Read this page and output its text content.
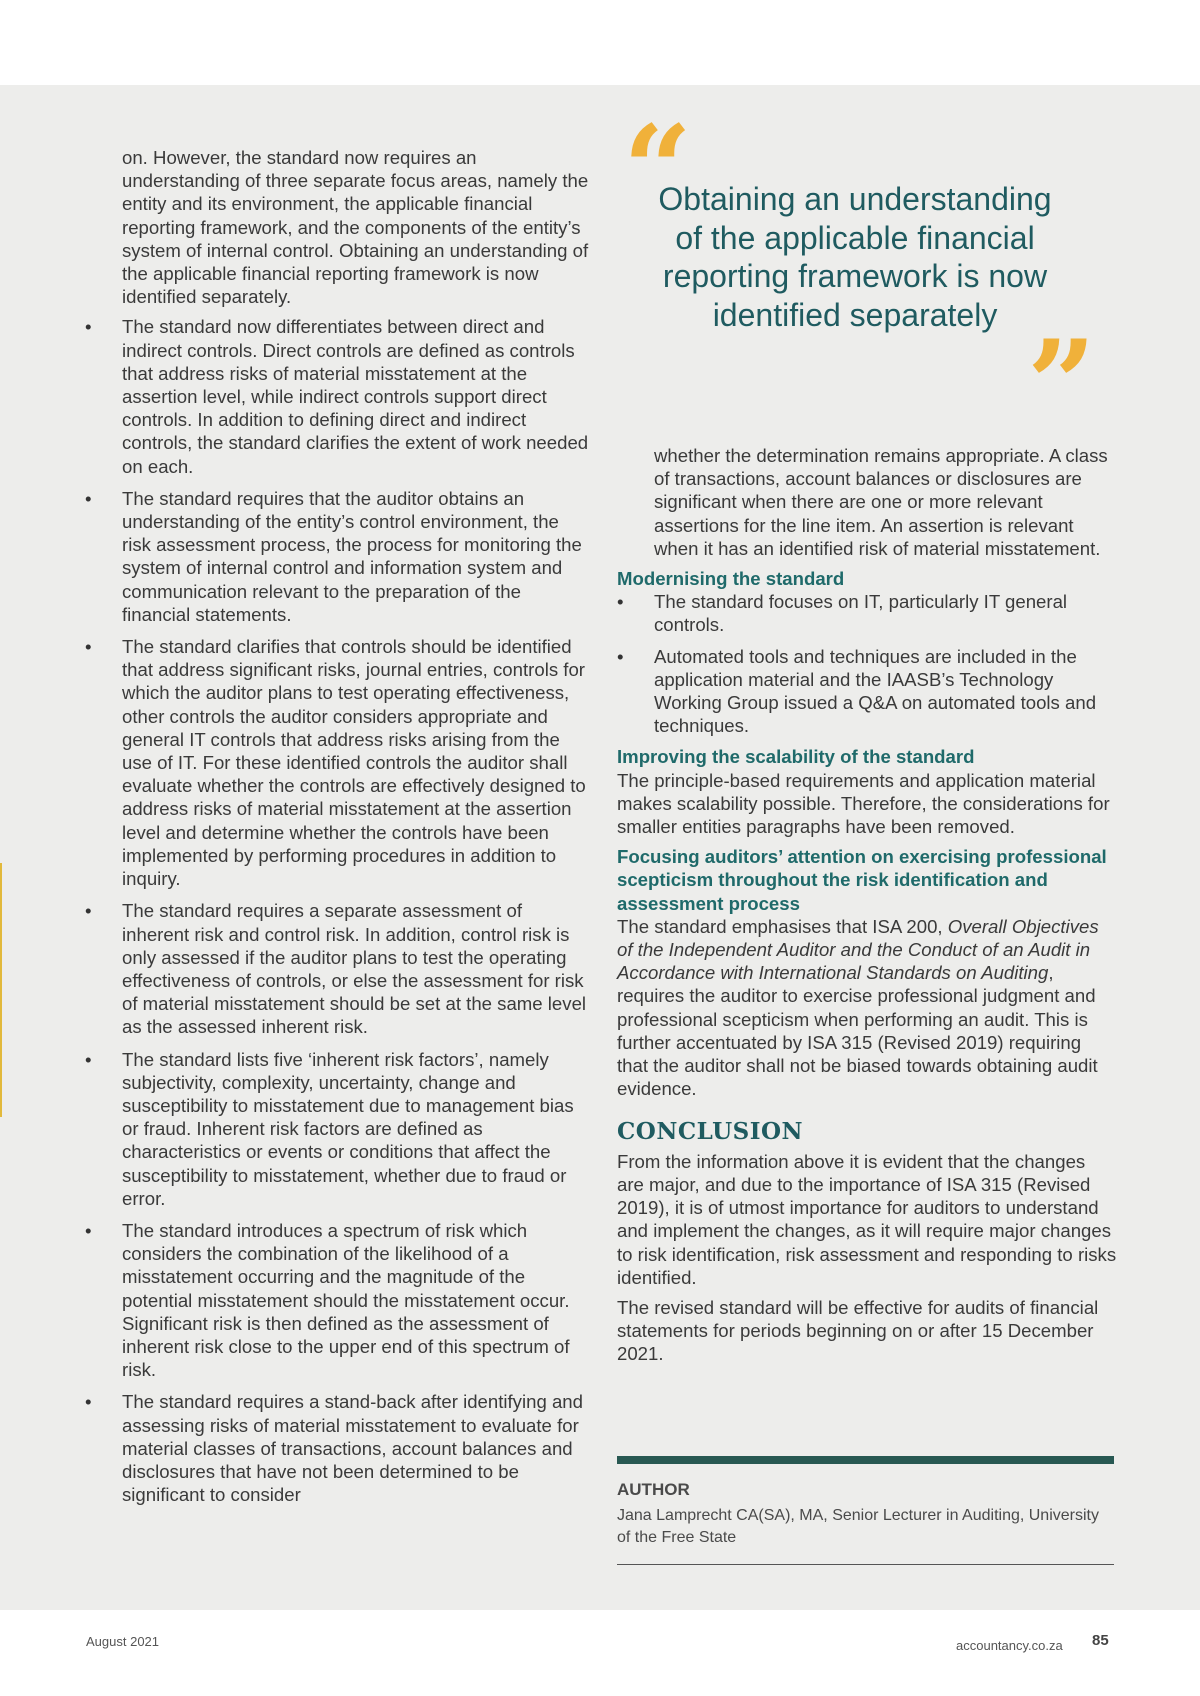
on. However, the standard now requires an understanding of three separate focus areas, namely the entity and its environment, the applicable financial reporting framework, and the components of the entity’s system of internal control. Obtaining an understanding of the applicable financial reporting framework is now identified separately.

• The standard now differentiates between direct and indirect controls. Direct controls are defined as controls that address risks of material misstatement at the assertion level, while indirect controls support direct controls. In addition to defining direct and indirect controls, the standard clarifies the extent of work needed on each.
• The standard requires that the auditor obtains an understanding of the entity’s control environment, the risk assessment process, the process for monitoring the system of internal control and information system and communication relevant to the preparation of the financial statements.
• The standard clarifies that controls should be identified that address significant risks, journal entries, controls for which the auditor plans to test operating effectiveness, other controls the auditor considers appropriate and general IT controls that address risks arising from the use of IT. For these identified controls the auditor shall evaluate whether the controls are effectively designed to address risks of material misstatement at the assertion level and determine whether the controls have been implemented by performing procedures in addition to inquiry.
• The standard requires a separate assessment of inherent risk and control risk. In addition, control risk is only assessed if the auditor plans to test the operating effectiveness of controls, or else the assessment for risk of material misstatement should be set at the same level as the assessed inherent risk.
• The standard lists five ‘inherent risk factors’, namely subjectivity, complexity, uncertainty, change and susceptibility to misstatement due to management bias or fraud. Inherent risk factors are defined as characteristics or events or conditions that affect the susceptibility to misstatement, whether due to fraud or error.
• The standard introduces a spectrum of risk which considers the combination of the likelihood of a misstatement occurring and the magnitude of the potential misstatement should the misstatement occur. Significant risk is then defined as the assessment of inherent risk close to the upper end of this spectrum of risk.
• The standard requires a stand-back after identifying and assessing risks of material misstatement to evaluate for material classes of transactions, account balances and disclosures that have not been determined to be significant to consider
“
Obtaining an understanding of the applicable financial reporting framework is now identified separately ”

whether the determination remains appropriate. A class of transactions, account balances or disclosures are significant when there are one or more relevant assertions for the line item. An assertion is relevant when it has an identified risk of material misstatement.

Modernising the standard
• The standard focuses on IT, particularly IT general controls.
• Automated tools and techniques are included in the application material and the IAASB’s Technology Working Group issued a Q&A on automated tools and techniques.
Improving the scalability of the standard

The principle-based requirements and application material makes scalability possible. Therefore, the considerations for smaller entities paragraphs have been removed.

Focusing auditors’ attention on exercising professional scepticism throughout the risk identification and assessment process

The standard emphasises that ISA 200, Overall Objectives of the Independent Auditor and the Conduct of an Audit in Accordance with International Standards on Auditing, requires the auditor to exercise professional judgment and professional scepticism when performing an audit. This is further accentuated by ISA 315 (Revised 2019) requiring that the auditor shall not be biased towards obtaining audit evidence.

CONCLUSION

From the information above it is evident that the changes are major, and due to the importance of ISA 315 (Revised 2019), it is of utmost importance for auditors to understand and implement the changes, as it will require major changes to risk identification, risk assessment and responding to risks identified.

The revised standard will be effective for audits of financial statements for periods beginning on or after 15 December 2021.

AUTHOR
Jana Lamprecht CA(SA), MA, Senior Lecturer in Auditing, University of the Free State
August 2021	accountancy.co.za 85
